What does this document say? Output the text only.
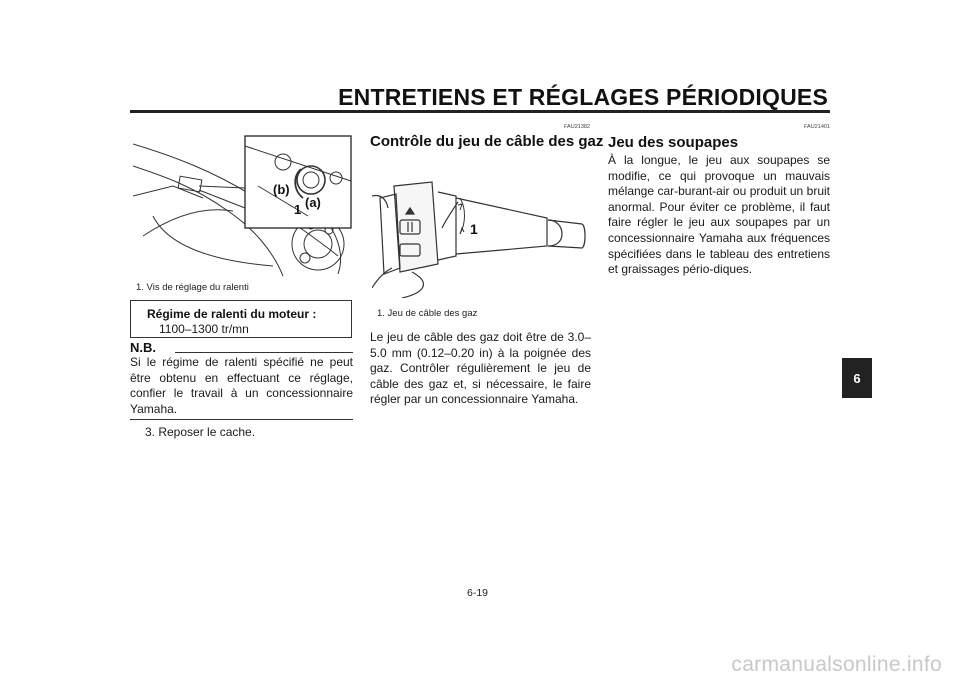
ENTRETIENS ET RÉGLAGES PÉRIODIQUES
6
(b)
(a)
1
1. Vis de réglage du ralenti
Régime de ralenti du moteur :
1100–1300 tr/mn
N.B.
Si le régime de ralenti spécifié ne peut être obtenu en effectuant ce réglage, confier le travail à un concessionnaire Yamaha.
3. Reposer le cache.
FAU21382
Contrôle du jeu de câble des gaz
1
1. Jeu de câble des gaz
Le jeu de câble des gaz doit être de 3.0–5.0 mm (0.12–0.20 in) à la poignée des gaz. Contrôler régulièrement le jeu de câble des gaz et, si nécessaire, le faire régler par un concessionnaire Yamaha.
FAU21401
Jeu des soupapes
À la longue, le jeu aux soupapes se modifie, ce qui provoque un mauvais mélange car-burant-air ou produit un bruit anormal. Pour éviter ce problème, il faut faire régler le jeu aux soupapes par un concessionnaire Yamaha aux fréquences spécifiées dans le tableau des entretiens et graissages pério-diques.
6-19
carmanualsonline.info
